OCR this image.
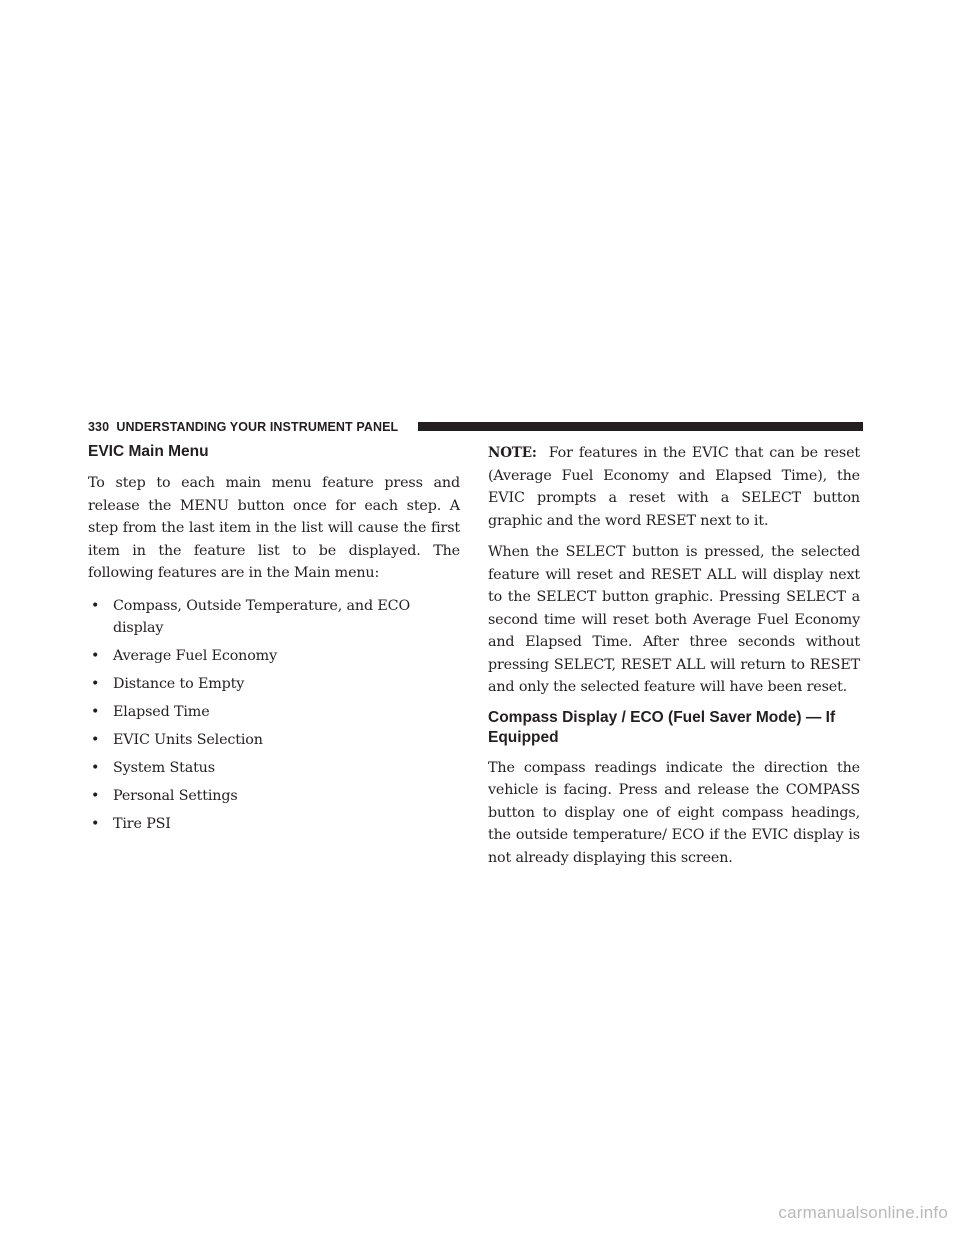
330 UNDERSTANDING YOUR INSTRUMENT PANEL
EVIC Main Menu

To step to each main menu feature press and release the MENU button once for each step. A step from the last item in the list will cause the first item in the feature list to be displayed. The following features are in the Main menu:

• Compass, Outside Temperature, and ECO display
• Average Fuel Economy
• Distance to Empty
• Elapsed Time
• EVIC Units Selection
• System Status
• Personal Settings
• Tire PSI

NOTE: For features in the EVIC that can be reset (Average Fuel Economy and Elapsed Time), the EVIC prompts a reset with a SELECT button graphic and the word RESET next to it.

When the SELECT button is pressed, the selected feature will reset and RESET ALL will display next to the SELECT button graphic. Pressing SELECT a second time will reset both Average Fuel Economy and Elapsed Time. After three seconds without pressing SELECT, RESET ALL will return to RESET and only the selected feature will have been reset.

Compass Display / ECO (Fuel Saver Mode) — If Equipped

The compass readings indicate the direction the vehicle is facing. Press and release the COMPASS button to display one of eight compass headings, the outside temperature/ ECO if the EVIC display is not already displaying this screen.

carmanualsonline.info
